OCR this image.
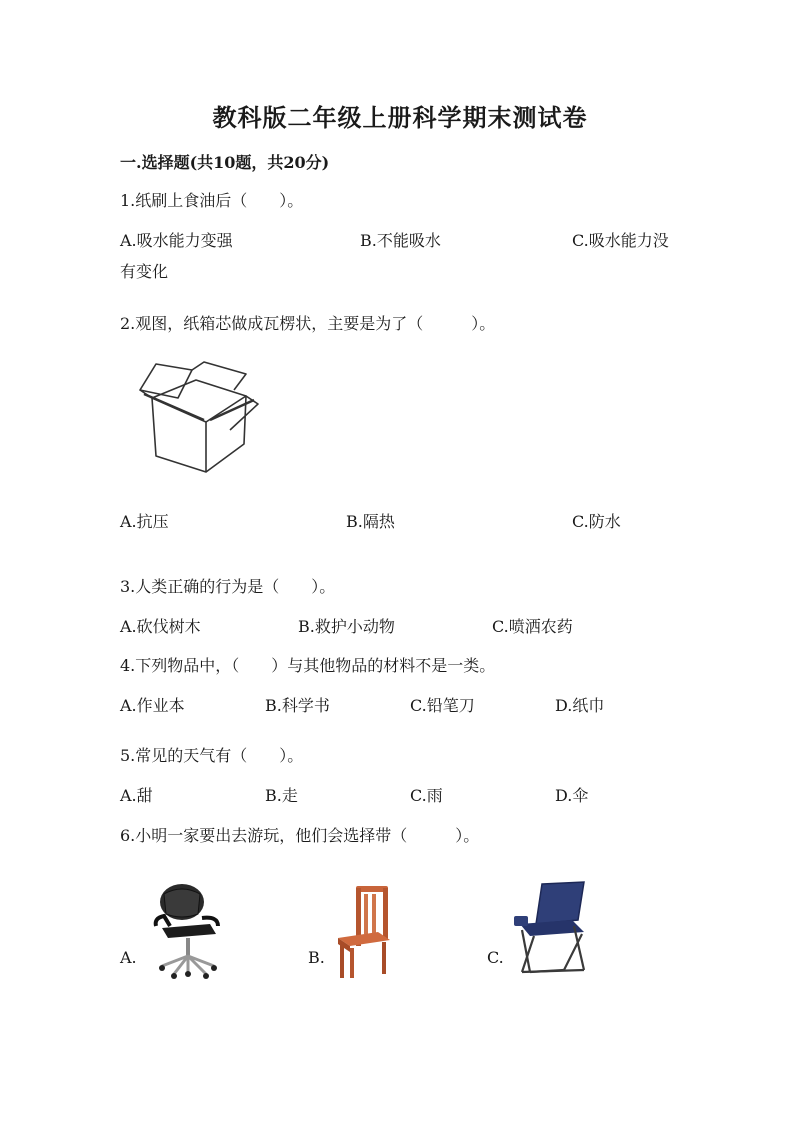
教科版二年级上册科学期末测试卷
一.选择题(共10题，共20分)
1.纸刷上食油后（　　）。
A.吸水能力变强	B.不能吸水	C.吸水能力没
有变化
2.观图，纸箱芯做成瓦楞状，主要是为了（　　　）。
A.抗压	B.隔热	C.防水
3.人类正确的行为是（　　）。
A.砍伐树木	B.救护小动物	C.喷洒农药
4.下列物品中，（　　）与其他物品的材料不是一类。
A.作业本	B.科学书	C.铅笔刀	D.纸巾
5.常见的天气有（　　）。
A.甜	B.走	C.雨	D.伞
6.小明一家要出去游玩，他们会选择带（　　　）。
A.	B.	C.
